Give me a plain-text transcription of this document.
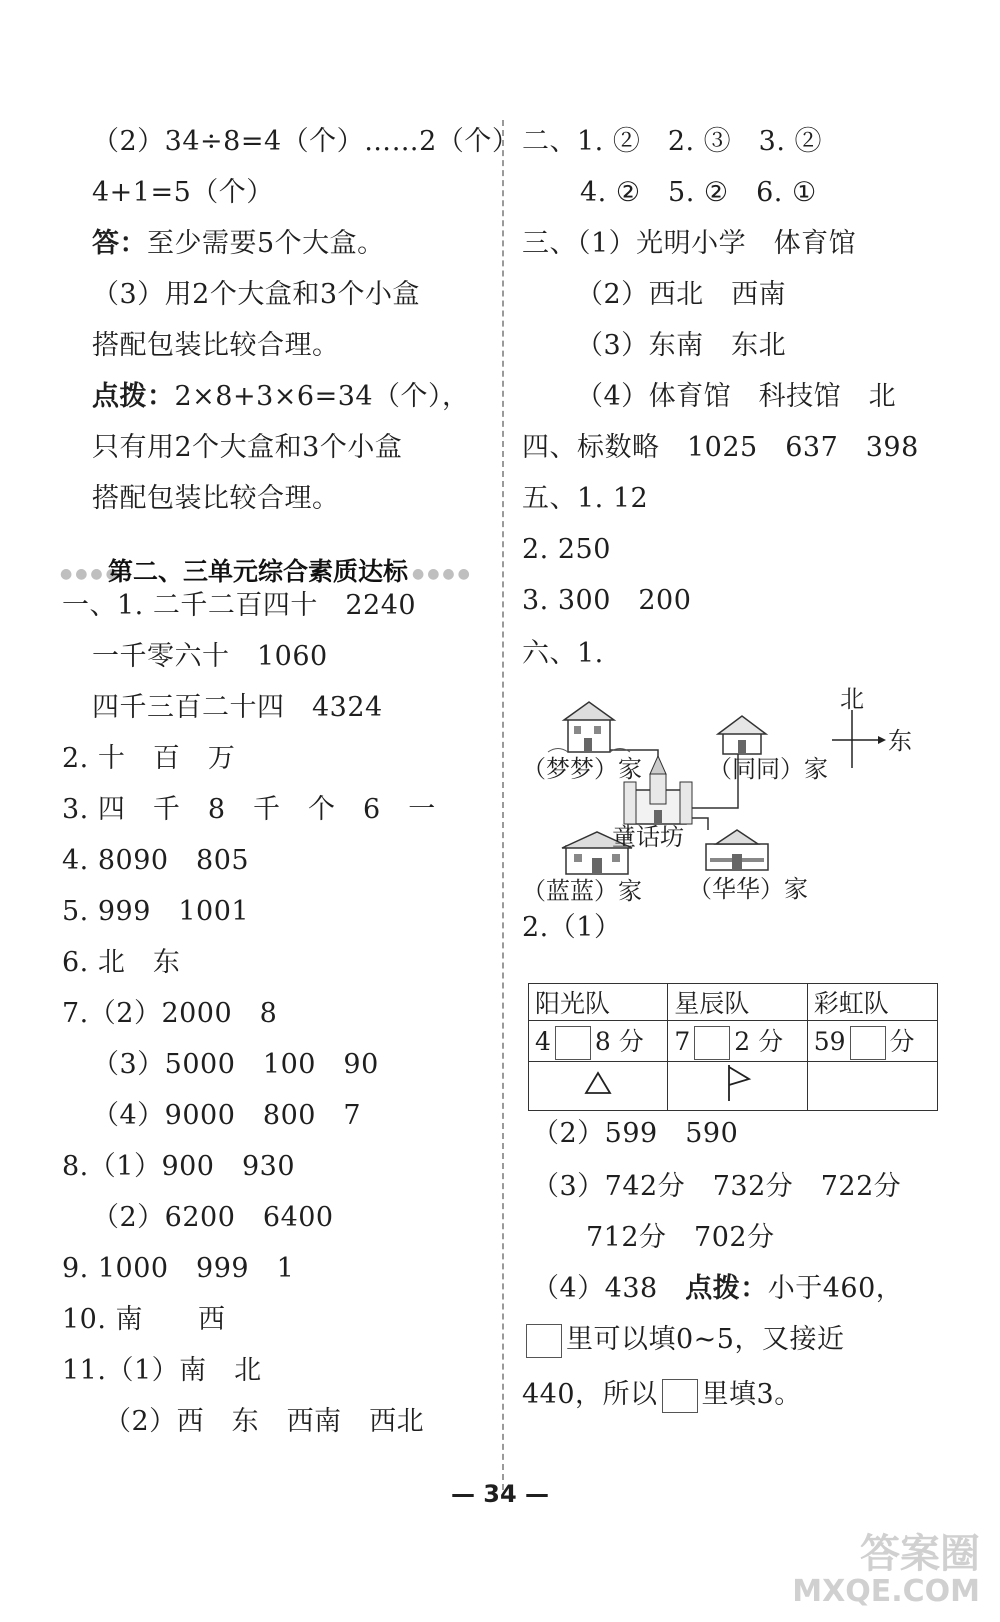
（2）34÷8=4（个）……2（个）
4+1=5（个）
答：至少需要5个大盒。
（3）用2个大盒和3个小盒
搭配包装比较合理。
点拨：2×8+3×6=34（个），
只有用2个大盒和3个小盒
搭配包装比较合理。
●●●●
第二、三单元综合素质达标 ●●●●
一、1. 二千二百四十　2240
一千零六十　1060
四千三百二十四　4324
2. 十　百　万
3. 四　千　8　千　个　6　一
4. 8090　805
5. 999　1001
6. 北　东
7.（2）2000　8
（3）5000　100　90
（4）9000　800　7
8.（1）900　930
（2）6200　6400
9. 1000　999　1
10. 南　　西
11.（1）南　北
（2）西　东　西南　西北
二、1. ②　2. ③　3. ②
4. ②　5. ②　6. ①
三、（1）光明小学　体育馆
（2）西北　西南
（3）东南　东北
（4）体育馆　科技馆　北
四、标数略　1025　637　398
五、1. 12
2. 250
3. 300　200
六、1.
2.（1）
（2）599　590
（3）742分　732分　722分
712分　702分
（4）438　点拨：小于460，
里可以填0~5，又接近
440，所以 里填3。
北
东
（梦梦）家	（同同）家
童话坊
（蓝蓝）家 （华华）家
阳光队	星辰队	彩虹队
4 8 分	7 2 分	59 分

— 34 —
答案圈
MXQE.COM
